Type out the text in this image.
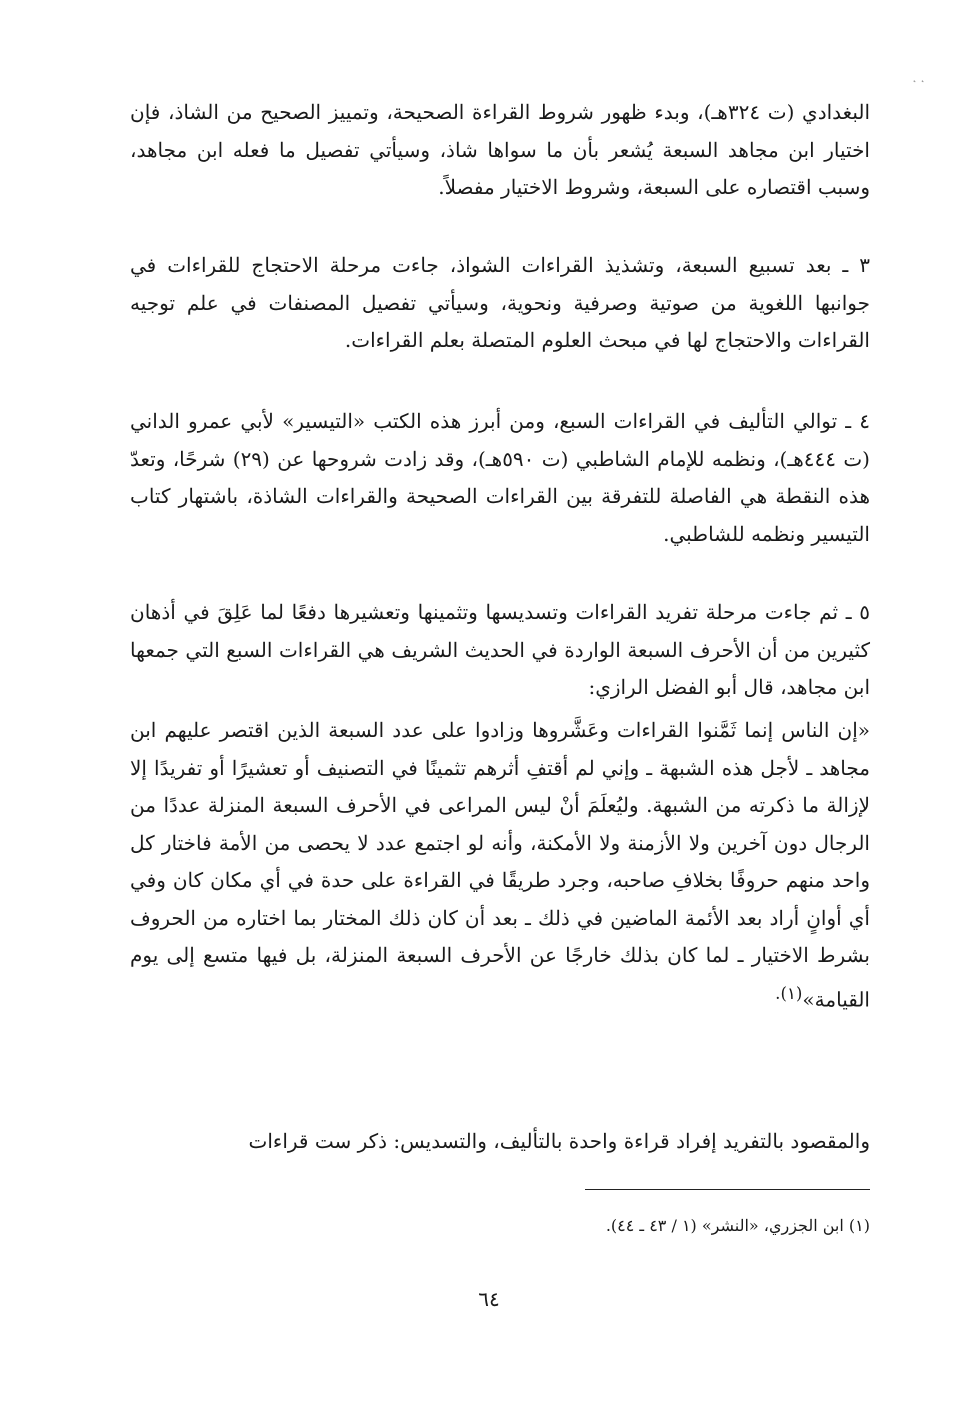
˛ ˛

البغدادي (ت ٣٢٤هـ)، وبدء ظهور شروط القراءة الصحيحة، وتمييز الصحيح من الشاذ، فإن اختيار ابن مجاهد السبعة يُشعر بأن ما سواها شاذ، وسيأتي تفصيل ما فعله ابن مجاهد، وسبب اقتصاره على السبعة، وشروط الاختيار مفصلاً.

٣ ـ بعد تسبيع السبعة، وتشذيذ القراءات الشواذ، جاءت مرحلة الاحتجاج للقراءات في جوانبها اللغوية من صوتية وصرفية ونحوية، وسيأتي تفصيل المصنفات في علم توجيه القراءات والاحتجاج لها في مبحث العلوم المتصلة بعلم القراءات.

٤ ـ توالي التأليف في القراءات السبع، ومن أبرز هذه الكتب «التيسير» لأبي عمرو الداني (ت ٤٤٤هـ)، ونظمه للإمام الشاطبي (ت ٥٩٠هـ)، وقد زادت شروحها عن (٢٩) شرحًا، وتعدّ هذه النقطة هي الفاصلة للتفرقة بين القراءات الصحيحة والقراءات الشاذة، باشتهار كتاب التيسير ونظمه للشاطبي.

٥ ـ ثم جاءت مرحلة تفريد القراءات وتسديسها وتثمينها وتعشيرها دفعًا لما عَلِقَ في أذهان كثيرين من أن الأحرف السبعة الواردة في الحديث الشريف هي القراءات السبع التي جمعها ابن مجاهد، قال أبو الفضل الرازي:

«إن الناس إنما ثَمَّنوا القراءات وعَشَّروها وزادوا على عدد السبعة الذين اقتصر عليهم ابن مجاهد ـ لأجل هذه الشبهة ـ وإني لم أقتفِ أثرهم تثمينًا في التصنيف أو تعشيرًا أو تفريدًا إلا لإزالة ما ذكرته من الشبهة. وليُعلَمَ أنْ ليس المراعى في الأحرف السبعة المنزلة عددًا من الرجال دون آخرين ولا الأزمنة ولا الأمكنة، وأنه لو اجتمع عدد لا يحصى من الأمة فاختار كل واحد منهم حروفًا بخلافِ صاحبه، وجرد طريقًا في القراءة على حدة في أي مكان كان وفي أي أوانٍ أراد بعد الأئمة الماضين في ذلك ـ بعد أن كان ذلك المختار بما اختاره من الحروف بشرط الاختيار ـ لما كان بذلك خارجًا عن الأحرف السبعة المنزلة، بل فيها متسع إلى يوم القيامة»$^{(١).}$

والمقصود بالتفريد إفراد قراءة واحدة بالتأليف، والتسديس: ذكر ست قراءات

(١) ابن الجزري، «النشر» (١ / ٤٣ ـ ٤٤).

٦٤
